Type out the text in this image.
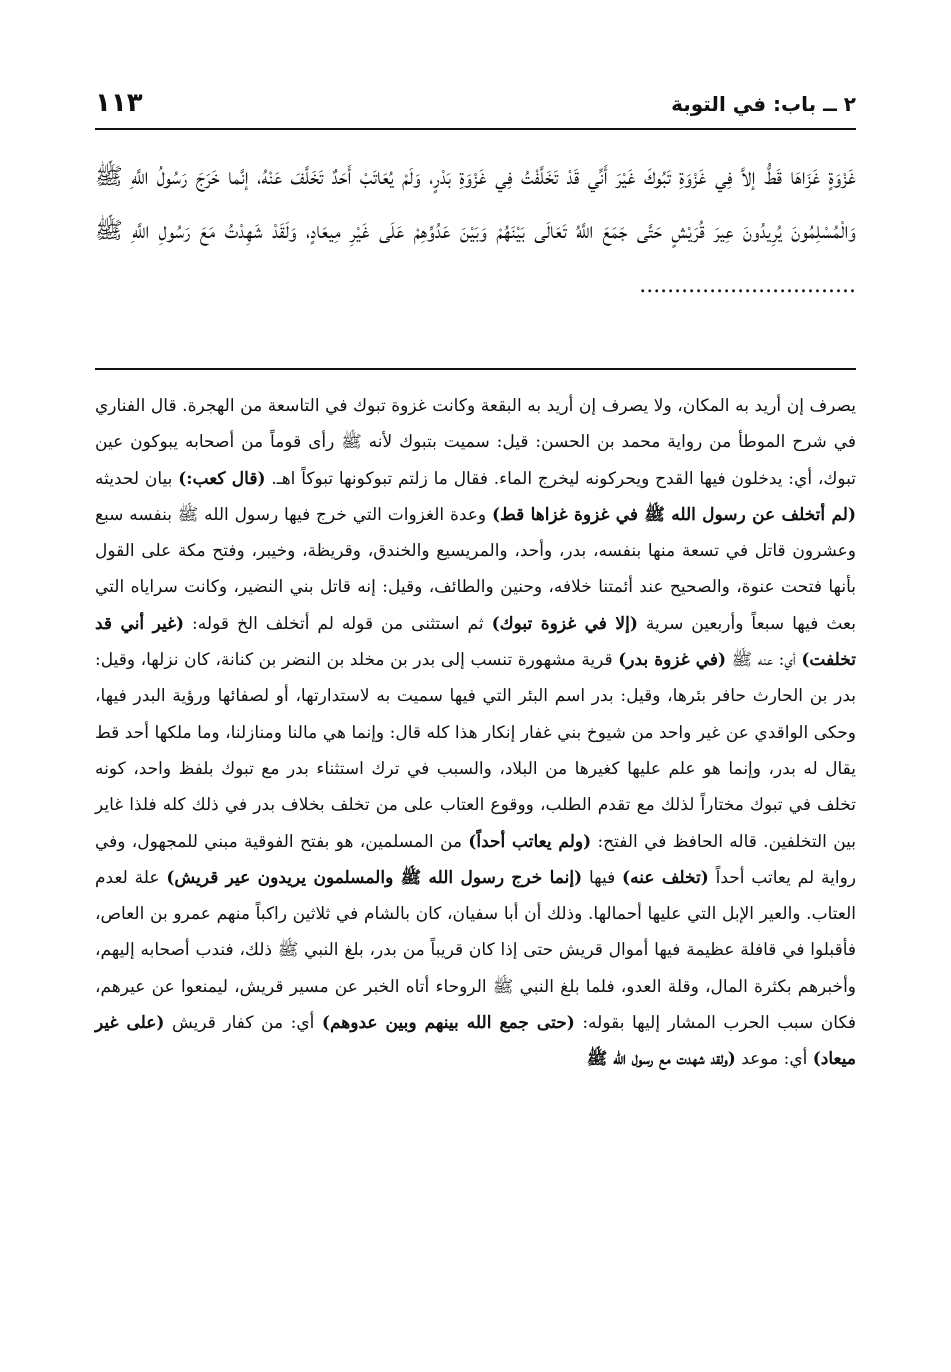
٢ ــ باب: في التوبة
١١٣
غَزْوَةٍ غَزَاهَا قَطُّ إلاَّ فِي غَزْوَةِ تَبُوكَ غَيْرَ أَنِّي قَدْ تَخَلَّفْتُ فِي غَزْوَةِ بَدْرٍ، وَلَمْ يُعَاتَبْ أَحَدٌ تَخَلَّفَ عَنْهُ، إنَّما خَرَجَ رَسُولُ اللَّهِ ﷺ وَالْمُسْلِمُونَ يُرِيدُونَ عِيرَ قُرَيْشٍ حَتَّى جَمَعَ اللَّهُ تَعَالَى بَيْنَهُمْ وَبَيْنَ عَدُوِّهِمْ عَلَى غَيْرِ مِيعَادٍ، وَلَقَدْ شَهِدْتُ مَعَ رَسُولِ اللَّهِ ﷺ ...............................

يصرف إن أريد به المكان، ولا يصرف إن أريد به البقعة وكانت غزوة تبوك في التاسعة من الهجرة. قال الفناري في شرح الموطأ من رواية محمد بن الحسن: قيل: سميت بتبوك لأنه ﷺ رأى قوماً من أصحابه يبوكون عين تبوك، أي: يدخلون فيها القدح ويحركونه ليخرج الماء. فقال ما زلتم تبوكونها تبوكاً اهـ. (قال كعب:) بيان لحديثه (لم أتخلف عن رسول الله ﷺ في غزوة غزاها قط) وعدة الغزوات التي خرج فيها رسول الله ﷺ بنفسه سبع وعشرون قاتل في تسعة منها بنفسه، بدر، وأحد، والمريسيع والخندق، وقريظة، وخيبر، وفتح مكة على القول بأنها فتحت عنوة، والصحيح عند أئمتنا خلافه، وحنين والطائف، وقيل: إنه قاتل بني النضير، وكانت سراياه التي بعث فيها سبعاً وأربعين سرية (إلا في غزوة تبوك) ثم استثنى من قوله لم أتخلف الخ قوله: (غير أني قد تخلفت) أي: عنه ﷺ (في غزوة بدر) قرية مشهورة تنسب إلى بدر بن مخلد بن النضر بن كنانة، كان نزلها، وقيل: بدر بن الحارث حافر بئرها، وقيل: بدر اسم البئر التي فيها سميت به لاستدارتها، أو لصفائها ورؤية البدر فيها، وحكى الواقدي عن غير واحد من شيوخ بني غفار إنكار هذا كله قال: وإنما هي مالنا ومنازلنا، وما ملكها أحد قط يقال له بدر، وإنما هو علم عليها كغيرها من البلاد، والسبب في ترك استثناء بدر مع تبوك بلفظ واحد، كونه تخلف في تبوك مختاراً لذلك مع تقدم الطلب، ووقوع العتاب على من تخلف بخلاف بدر في ذلك كله فلذا غاير بين التخلفين. قاله الحافظ في الفتح: (ولم يعاتب أحداً) من المسلمين، هو بفتح الفوقية مبني للمجهول، وفي رواية لم يعاتب أحداً (تخلف عنه) فيها (إنما خرج رسول الله ﷺ والمسلمون يريدون عير قريش) علة لعدم العتاب. والعير الإبل التي عليها أحمالها. وذلك أن أبا سفيان، كان بالشام في ثلاثين راكباً منهم عمرو بن العاص، فأقبلوا في قافلة عظيمة فيها أموال قريش حتى إذا كان قريباً من بدر، بلغ النبي ﷺ ذلك، فندب أصحابه إليهم، وأخبرهم بكثرة المال، وقلة العدو، فلما بلغ النبي ﷺ الروحاء أتاه الخبر عن مسير قريش، ليمنعوا عن عيرهم، فكان سبب الحرب المشار إليها بقوله: (حتى جمع الله بينهم وبين عدوهم) أي: من كفار قريش (على غير ميعاد) أي: موعد (ولقد شهدت مع رسول الله ﷺ
